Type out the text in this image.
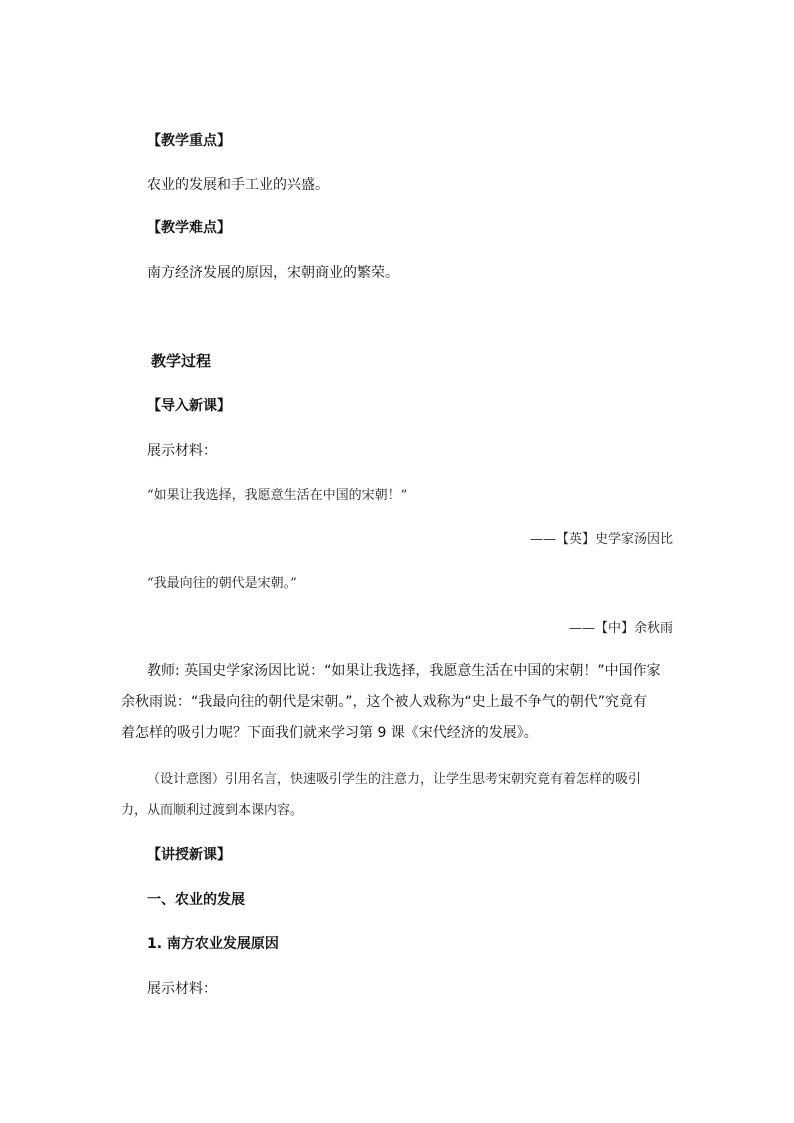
【教学重点】
农业的发展和手工业的兴盛。
【教学难点】
南方经济发展的原因，宋朝商业的繁荣。
教学过程
【导入新课】
展示材料：
“如果让我选择，我愿意生活在中国的宋朝！”
——【英】史学家汤因比
“我最向往的朝代是宋朝。”
——【中】余秋雨
教师: 英国史学家汤因比说：“如果让我选择，我愿意生活在中国的宋朝！”中国作家
余秋雨说：“我最向往的朝代是宋朝。”，这个被人戏称为“史上最不争气的朝代”究竟有
着怎样的吸引力呢？下面我们就来学习第 9 课《宋代经济的发展》。
（设计意图）引用名言，快速吸引学生的注意力，让学生思考宋朝究竟有着怎样的吸引
力，从而顺利过渡到本课内容。
【讲授新课】
一、农业的发展
1. 南方农业发展原因
展示材料：
